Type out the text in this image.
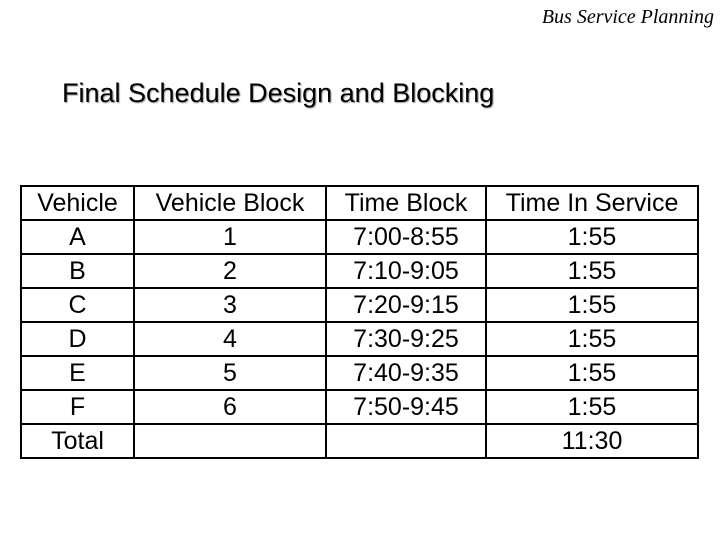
Bus Service Planning
Final Schedule Design and Blocking
Vehicle	Vehicle Block	Time Block	Time In Service
A	1	7:00-8:55	1:55
B	2	7:10-9:05	1:55
C	3	7:20-9:15	1:55
D	4	7:30-9:25	1:55
E	5	7:40-9:35	1:55
F	6	7:50-9:45	1:55
Total			11:30
